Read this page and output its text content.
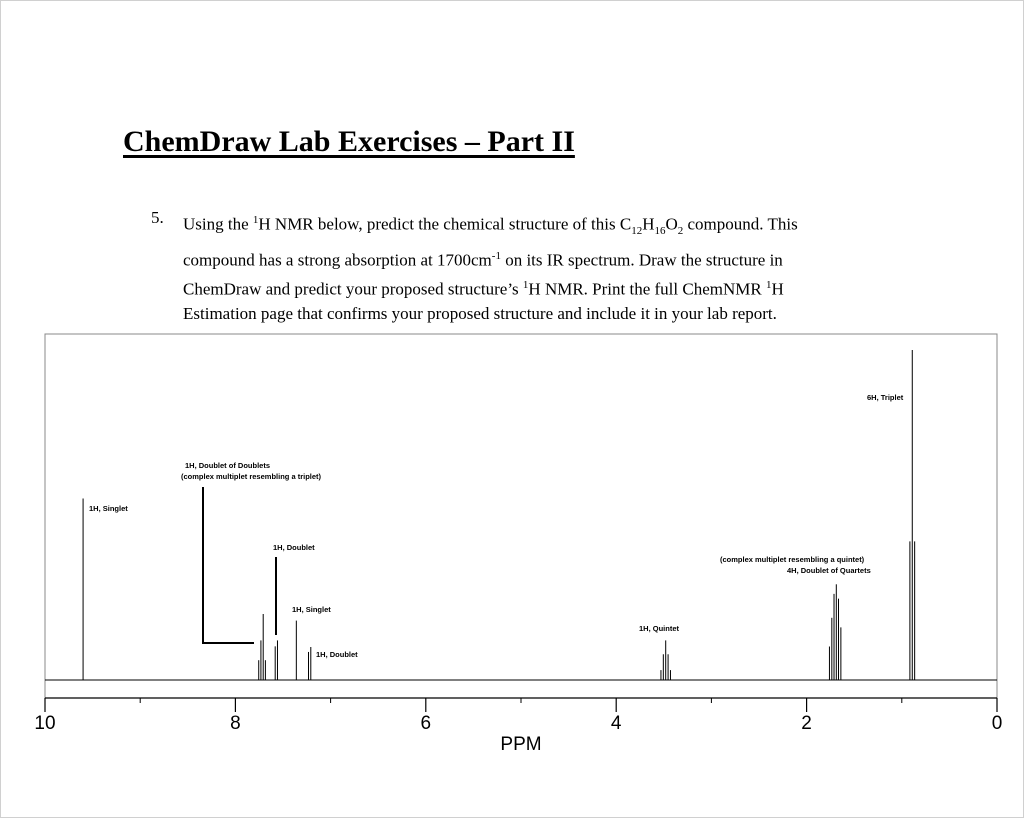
ChemDraw Lab Exercises – Part II
5. Using the $^1$H NMR below, predict the chemical structure of this $C_{12}H_{16}O_2$ compound. This
compound has a strong absorption at $1700cm^{-1}$ on its IR spectrum. Draw the structure in
ChemDraw and predict your proposed structure’s $^1$H NMR. Print the full ChemNMR $^1$H
Estimation page that confirms your proposed structure and include it in your lab report.
10	8	6	4	2	0
1H, Singlet
1H, Doublet of Doublets
(complex multiplet resembling a triplet)
1H, Doublet
1H, Singlet
1H, Doublet
1H, Quintet
(complex multiplet resembling a quintet)
4H, Doublet of Quartets
6H, Triplet
PPM
